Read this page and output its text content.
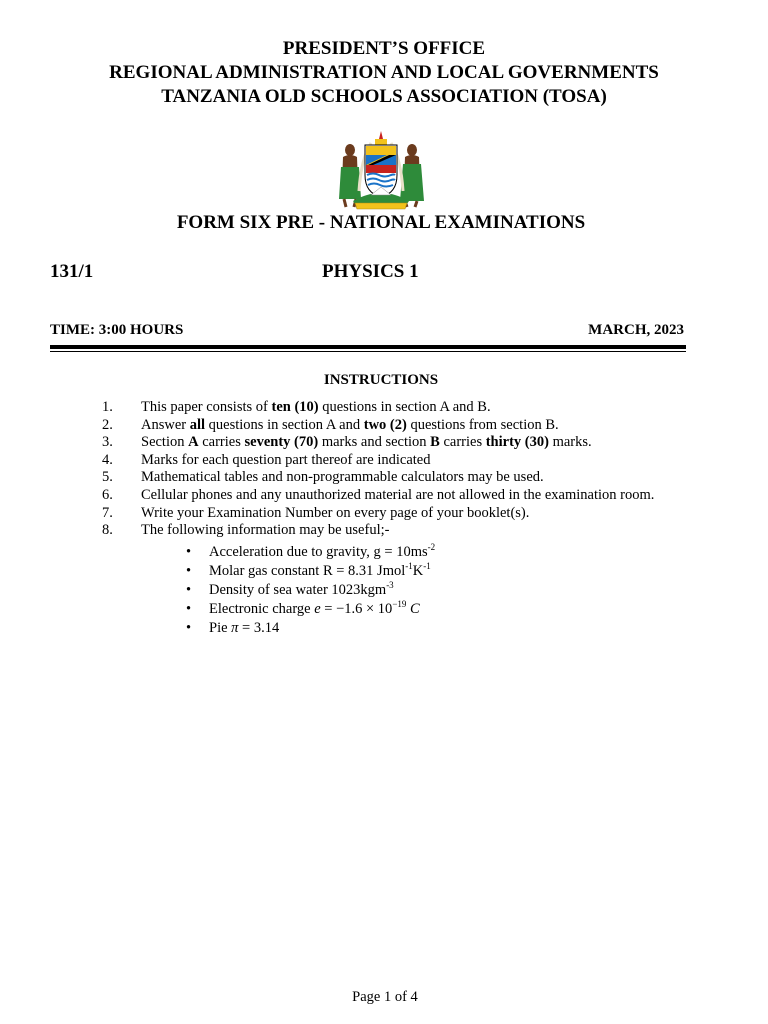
PRESIDENT’S OFFICE
REGIONAL ADMINISTRATION AND LOCAL GOVERNMENTS
TANZANIA OLD SCHOOLS ASSOCIATION (TOSA)
FORM SIX PRE - NATIONAL EXAMINATIONS
131/1	PHYSICS 1
TIME: 3:00 HOURS	MARCH, 2023
INSTRUCTIONS
1. This paper consists of ten (10) questions in section A and B.
2. Answer all questions in section A and two (2) questions from section B.
3. Section A carries seventy (70) marks and section B carries thirty (30) marks.
4. Marks for each question part thereof are indicated
5. Mathematical tables and non-programmable calculators may be used.
6. Cellular phones and any unauthorized material are not allowed in the examination room.
7. Write your Examination Number on every page of your booklet(s).
8. The following information may be useful;-
• Acceleration due to gravity, $g = 10ms^{-2}$
• Molar gas constant R = 8.31 $Jmol^{-1}K^{-1}$
• Density of sea water 1023kgm$^{-3}$
• Electronic charge $e = -1.6 \times 10^{-19}$ C
• Pie π = 3.14
Page 1 of 4
